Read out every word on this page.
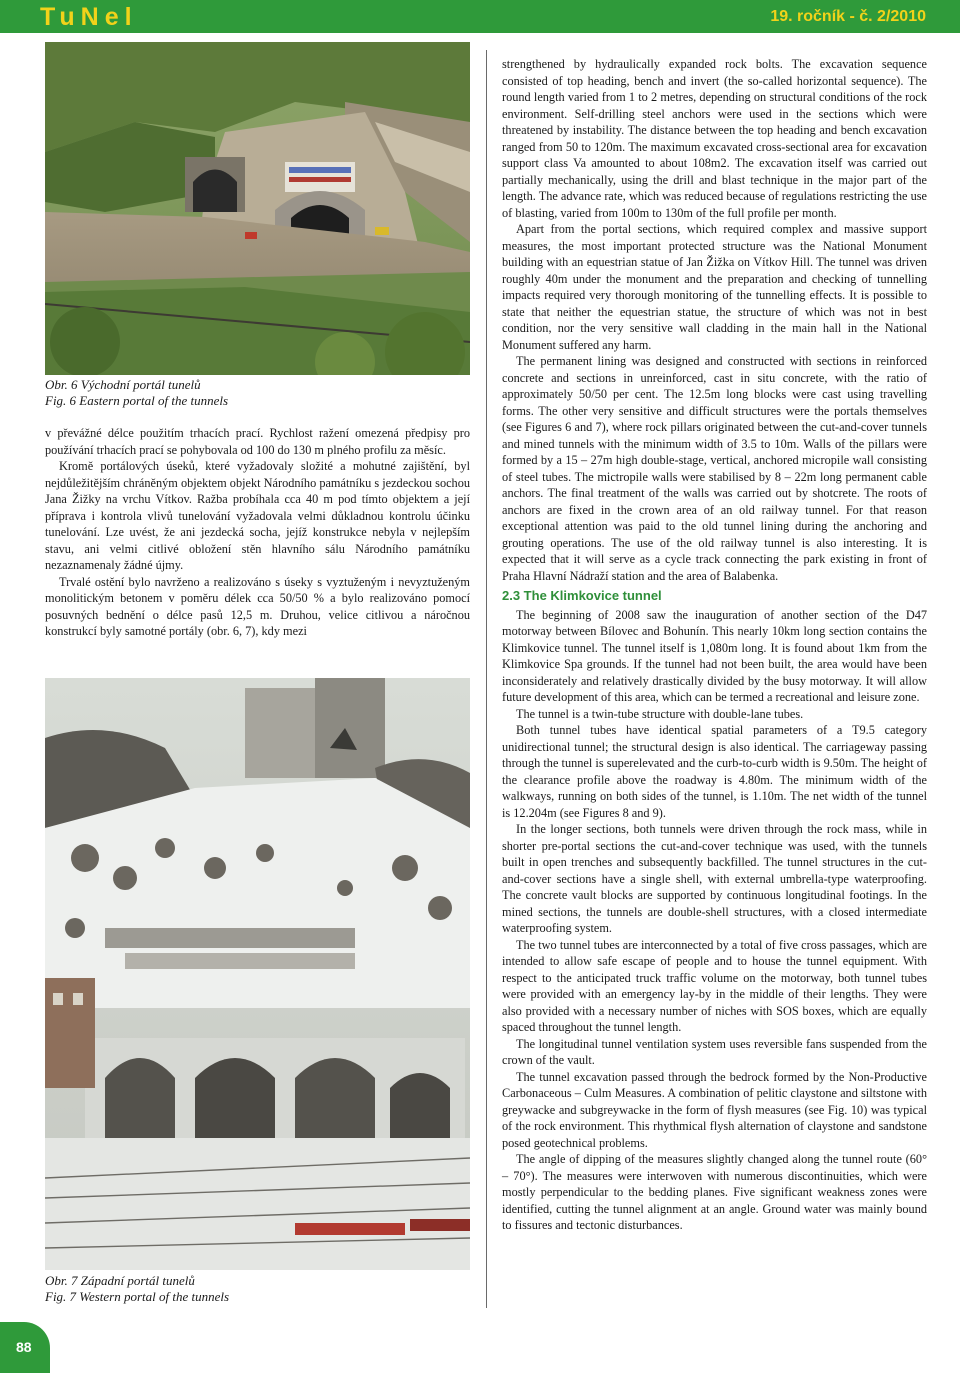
TuNel	19. ročník - č. 2/2010
Obr. 6 Východní portál tunelů
Fig. 6 Eastern portal of the tunnels

v převážné délce použitím trhacích prací. Rychlost ražení omezená předpisy pro používání trhacích prací se pohybovala od 100 do 130 m plného profilu za měsíc.

Kromě portálových úseků, které vyžadovaly složité a mohutné zajištění, byl nejdůležitějším chráněným objektem objekt Národního památníku s jezdeckou sochou Jana Žižky na vrchu Vítkov. Ražba probíhala cca 40 m pod tímto objektem a její příprava i kontrola vlivů tunelování vyžadovala velmi důkladnou kontrolu účinku tunelování. Lze uvést, že ani jezdecká socha, jejíž konstrukce nebyla v nejlepším stavu, ani velmi citlivé obložení stěn hlavního sálu Národního památníku nezaznamenaly žádné újmy.

Trvalé ostění bylo navrženo a realizováno s úseky s vyztuženým i nevyztuženým monolitickým betonem v poměru délek cca 50/50 % a bylo realizováno pomocí posuvných bednění o délce pasů 12,5 m. Druhou, velice citlivou a náročnou konstrukcí byly samotné portály (obr. 6, 7), kdy mezi

Obr. 7 Západní portál tunelů
Fig. 7 Western portal of the tunnels

strengthened by hydraulically expanded rock bolts. The excavation sequence consisted of top heading, bench and invert (the so-called horizontal sequence). The round length varied from 1 to 2 metres, depending on structural conditions of the rock environment. Self-drilling steel anchors were used in the sections which were threatened by instability. The distance between the top heading and bench excavation ranged from 50 to 120m. The maximum excavated cross-sectional area for excavation support class Va amounted to about 108m2. The excavation itself was carried out partially mechanically, using the drill and blast technique in the major part of the length. The advance rate, which was reduced because of regulations restricting the use of blasting, varied from 100m to 130m of the full profile per month.

Apart from the portal sections, which required complex and massive support measures, the most important protected structure was the National Monument building with an equestrian statue of Jan Žižka on Vítkov Hill. The tunnel was driven roughly 40m under the monument and the preparation and checking of tunnelling impacts required very thorough monitoring of the tunnelling effects. It is possible to state that neither the equestrian statue, the structure of which was not in best condition, nor the very sensitive wall cladding in the main hall in the National Monument suffered any harm.

The permanent lining was designed and constructed with sections in reinforced concrete and sections in unreinforced, cast in situ concrete, with the ratio of approximately 50/50 per cent. The 12.5m long blocks were cast using travelling forms. The other very sensitive and difficult structures were the portals themselves (see Figures 6 and 7), where rock pillars originated between the cut-and-cover tunnels and mined tunnels with the minimum width of 3.5 to 10m. Walls of the pillars were formed by a 15 – 27m high double-stage, vertical, anchored micropile wall consisting of steel tubes. The mictropile walls were stabilised by 8 – 22m long permanent cable anchors. The final treatment of the walls was carried out by shotcrete. The roots of anchors are fixed in the crown area of an old railway tunnel. For that reason exceptional attention was paid to the old tunnel lining during the anchoring and grouting operations. The use of the old railway tunnel is also interesting. It is expected that it will serve as a cycle track connecting the park existing in front of Praha Hlavní Nádraží station and the area of Balabenka.

2.3 The Klimkovice tunnel

The beginning of 2008 saw the inauguration of another section of the D47 motorway between Bílovec and Bohunín. This nearly 10km long section contains the Klimkovice tunnel. The tunnel itself is 1,080m long. It is found about 1km from the Klimkovice Spa grounds. If the tunnel had not been built, the area would have been inconsiderately and relatively drastically divided by the busy motorway. It will allow future development of this area, which can be termed a recreational and leisure zone.

The tunnel is a twin-tube structure with double-lane tubes.

Both tunnel tubes have identical spatial parameters of a T9.5 category unidirectional tunnel; the structural design is also identical. The carriageway passing through the tunnel is superelevated and the curb-to-curb width is 9.50m. The height of the clearance profile above the roadway is 4.80m. The minimum width of the walkways, running on both sides of the tunnel, is 1.10m. The net width of the tunnel is 12.204m (see Figures 8 and 9).

In the longer sections, both tunnels were driven through the rock mass, while in shorter pre-portal sections the cut-and-cover technique was used, with the tunnels built in open trenches and subsequently backfilled. The tunnel structures in the cut-and-cover sections have a single shell, with external umbrella-type waterproofing. The concrete vault blocks are supported by continuous longitudinal footings. In the mined sections, the tunnels are double-shell structures, with a closed intermediate waterproofing system.

The two tunnel tubes are interconnected by a total of five cross passages, which are intended to allow safe escape of people and to house the tunnel equipment. With respect to the anticipated truck traffic volume on the motorway, both tunnel tubes were provided with an emergency lay-by in the middle of their lengths. They were also provided with a necessary number of niches with SOS boxes, which are equally spaced throughout the tunnel length.

The longitudinal tunnel ventilation system uses reversible fans suspended from the crown of the vault.

The tunnel excavation passed through the bedrock formed by the Non-Productive Carbonaceous – Culm Measures. A combination of pelitic claystone and siltstone with greywacke and subgreywacke in the form of flysh measures (see Fig. 10) was typical of the rock environment. This rhythmical flysh alternation of claystone and sandstone posed geotechnical problems.

The angle of dipping of the measures slightly changed along the tunnel route (60° – 70°). The measures were interwoven with numerous discontinuities, which were mostly perpendicular to the bedding planes. Five significant weakness zones were identified, cutting the tunnel alignment at an angle. Ground water was mainly bound to fissures and tectonic disturbances.

88
